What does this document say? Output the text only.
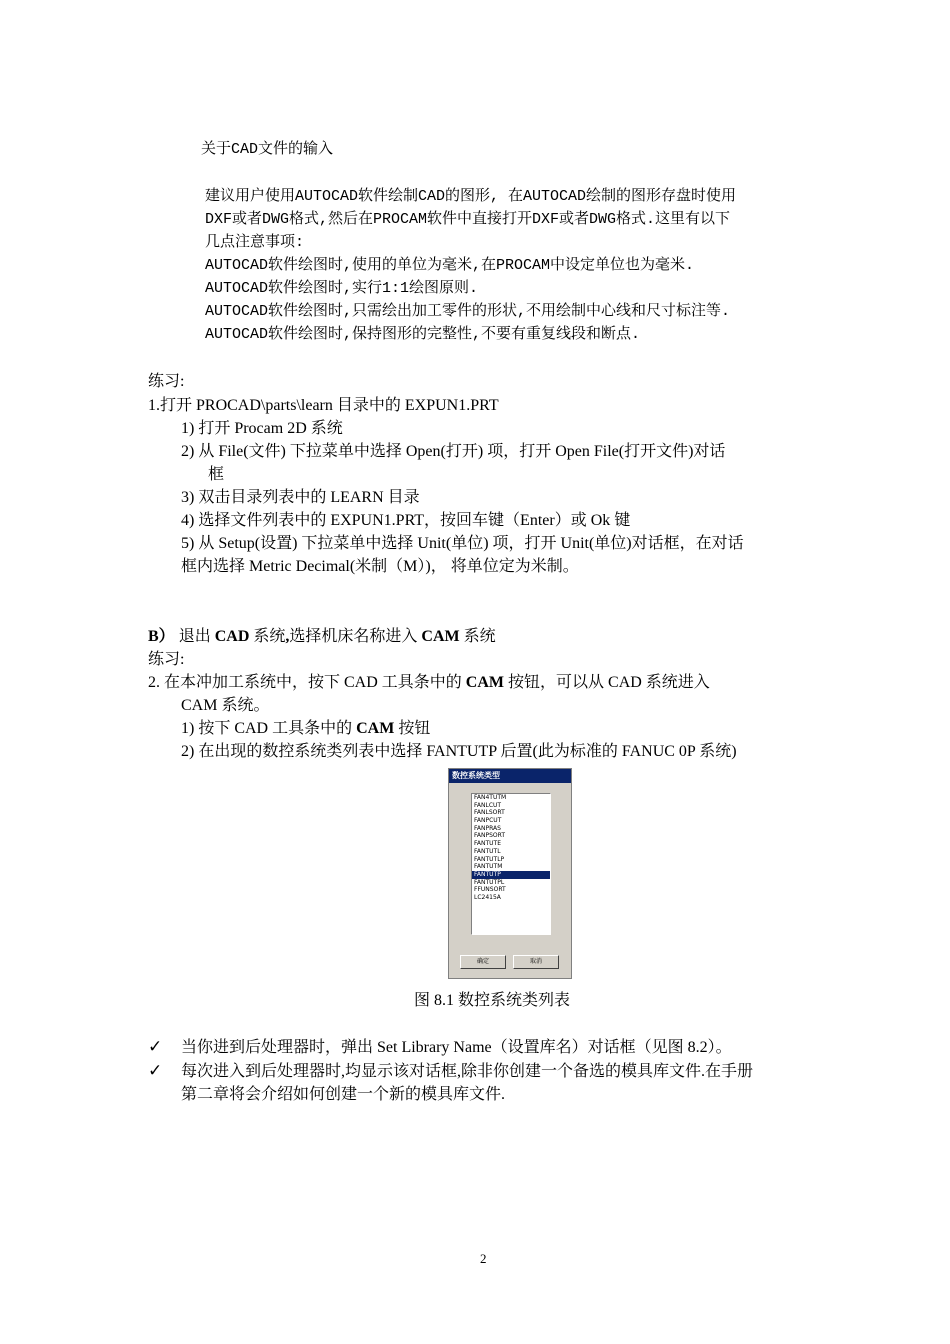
关于CAD文件的输入
建议用户使用AUTOCAD软件绘制CAD的图形, 在AUTOCAD绘制的图形存盘时使用
DXF或者DWG格式,然后在PROCAM软件中直接打开DXF或者DWG格式.这里有以下
几点注意事项:
AUTOCAD软件绘图时,使用的单位为毫米,在PROCAM中设定单位也为毫米.
AUTOCAD软件绘图时,实行1:1绘图原则.
AUTOCAD软件绘图时,只需绘出加工零件的形状,不用绘制中心线和尺寸标注等.
AUTOCAD软件绘图时,保持图形的完整性,不要有重复线段和断点.
练习:
1.打开 PROCAD\parts\learn 目录中的 EXPUN1.PRT
1) 打开 Procam 2D 系统
2) 从 File(文件) 下拉菜单中选择 Open(打开) 项，打开 Open File(打开文件)对话
框
3) 双击目录列表中的 LEARN 目录
4) 选择文件列表中的 EXPUN1.PRT，按回车键（Enter）或 Ok 键
5) 从 Setup(设置) 下拉菜单中选择 Unit(单位) 项，打开 Unit(单位)对话框，在对话
框内选择 Metric Decimal(米制（M）)， 将单位定为米制。
B） 退出 CAD 系统,选择机床名称进入 CAM 系统
练习:
2. 在本冲加工系统中，按下 CAD 工具条中的 CAM 按钮，可以从 CAD 系统进入
CAM 系统。
1) 按下 CAD 工具条中的 CAM 按钮
2) 在出现的数控系统类列表中选择 FANTUTP 后置(此为标准的 FANUC 0P 系统)
数控系统类型
FAN4TUTM
FANLCUT
FANLSORT
FANPCUT
FANPRAS
FANPSORT
FANTUTE
FANTUTL
FANTUTLP
FANTUTM
FANTUTP
FANTUTPL
FFUNSORT
LC2415A
确定	取消
图 8.1 数控系统类列表
✓ 当你进到后处理器时，弹出 Set Library Name（设置库名）对话框（见图 8.2）。
✓ 每次进入到后处理器时,均显示该对话框,除非你创建一个备选的模具库文件.在手册
第二章将会介绍如何创建一个新的模具库文件.
2
